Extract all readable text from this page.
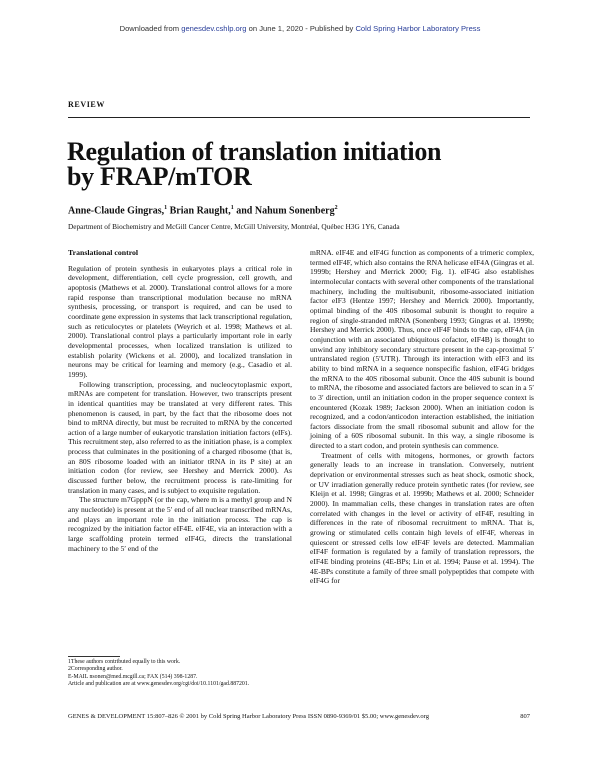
Downloaded from genesdev.cshlp.org on June 1, 2020 - Published by Cold Spring Harbor Laboratory Press
REVIEW
Regulation of translation initiation
by FRAP/mTOR
Anne-Claude Gingras,$^1$ Brian Raught,$^1$ and Nahum Sonenberg$^2$
Department of Biochemistry and McGill Cancer Centre, McGill University, Montréal, Québec H3G 1Y6, Canada

Translational control

Regulation of protein synthesis in eukaryotes plays a critical role in development, differentiation, cell cycle progression, cell growth, and apoptosis (Mathews et al. 2000). Translational control allows for a more rapid response than transcriptional modulation because no mRNA synthesis, processing, or transport is required, and can be used to coordinate gene expression in systems that lack transcriptional regulation, such as reticulocytes or platelets (Weyrich et al. 1998; Mathews et al. 2000). Translational control plays a particularly important role in early developmental processes, when localized translation is utilized to establish polarity (Wickens et al. 2000), and localized translation in neurons may be critical for learning and memory (e.g., Casadio et al. 1999).

Following transcription, processing, and nucleocytoplasmic export, mRNAs are competent for translation. However, two transcripts present in identical quantities may be translated at very different rates. This phenomenon is caused, in part, by the fact that the ribosome does not bind to mRNA directly, but must be recruited to mRNA by the concerted action of a large number of eukaryotic translation initiation factors (eIFs). This recruitment step, also referred to as the initiation phase, is a complex process that culminates in the positioning of a charged ribosome (that is, an 80S ribosome loaded with an initiator tRNA in its P site) at an initiation codon (for review, see Hershey and Merrick 2000). As discussed further below, the recruitment process is rate-limiting for translation in many cases, and is subject to exquisite regulation.

The structure m7GpppN (or the cap, where m is a methyl group and N any nucleotide) is present at the 5′ end of all nuclear transcribed mRNAs, and plays an important role in the initiation process. The cap is recognized by the initiation factor eIF4E. eIF4E, via an interaction with a large scaffolding protein termed eIF4G, directs the translational machinery to the 5′ end of the

1These authors contributed equally to this work.

2Corresponding author.

E-MAIL nsonen@med.mcgill.ca; FAX (514) 398-1287.

Article and publication are at www.genesdev.org/cgi/doi/10.1101/gad.887201.

mRNA. eIF4E and eIF4G function as components of a trimeric complex, termed eIF4F, which also contains the RNA helicase eIF4A (Gingras et al. 1999b; Hershey and Merrick 2000; Fig. 1). eIF4G also establishes intermolecular contacts with several other components of the translational machinery, including the multisubunit, ribosome-associated initiation factor eIF3 (Hentze 1997; Hershey and Merrick 2000). Importantly, optimal binding of the 40S ribosomal subunit is thought to require a region of single-stranded mRNA (Sonenberg 1993; Gingras et al. 1999b; Hershey and Merrick 2000). Thus, once eIF4F binds to the cap, eIF4A (in conjunction with an associated ubiquitous cofactor, eIF4B) is thought to unwind any inhibitory secondary structure present in the cap-proximal 5′ untranslated region (5′UTR). Through its interaction with eIF3 and its ability to bind mRNA in a sequence nonspecific fashion, eIF4G bridges the mRNA to the 40S ribosomal subunit. Once the 40S subunit is bound to mRNA, the ribosome and associated factors are believed to scan in a 5′ to 3′ direction, until an initiation codon in the proper sequence context is encountered (Kozak 1989; Jackson 2000). When an initiation codon is recognized, and a codon/anticodon interaction established, the initiation factors dissociate from the small ribosomal subunit and allow for the joining of a 60S ribosomal subunit. In this way, a single ribosome is directed to a start codon, and protein synthesis can commence.

Treatment of cells with mitogens, hormones, or growth factors generally leads to an increase in translation. Conversely, nutrient deprivation or environmental stresses such as heat shock, osmotic shock, or UV irradiation generally reduce protein synthetic rates (for review, see Kleijn et al. 1998; Gingras et al. 1999b; Mathews et al. 2000; Schneider 2000). In mammalian cells, these changes in translation rates are often correlated with changes in the level or activity of eIF4F, resulting in differences in the rate of ribosomal recruitment to mRNA. That is, growing or stimulated cells contain high levels of eIF4F, whereas in quiescent or stressed cells low eIF4F levels are detected. Mammalian eIF4F formation is regulated by a family of translation repressors, the eIF4E binding proteins (4E-BPs; Lin et al. 1994; Pause et al. 1994). The 4E-BPs constitute a family of three small polypeptides that compete with eIF4G for

GENES & DEVELOPMENT 15:807–826 © 2001 by Cold Spring Harbor Laboratory Press ISSN 0890-9369/01 $5.00; www.genesdev.org	807
